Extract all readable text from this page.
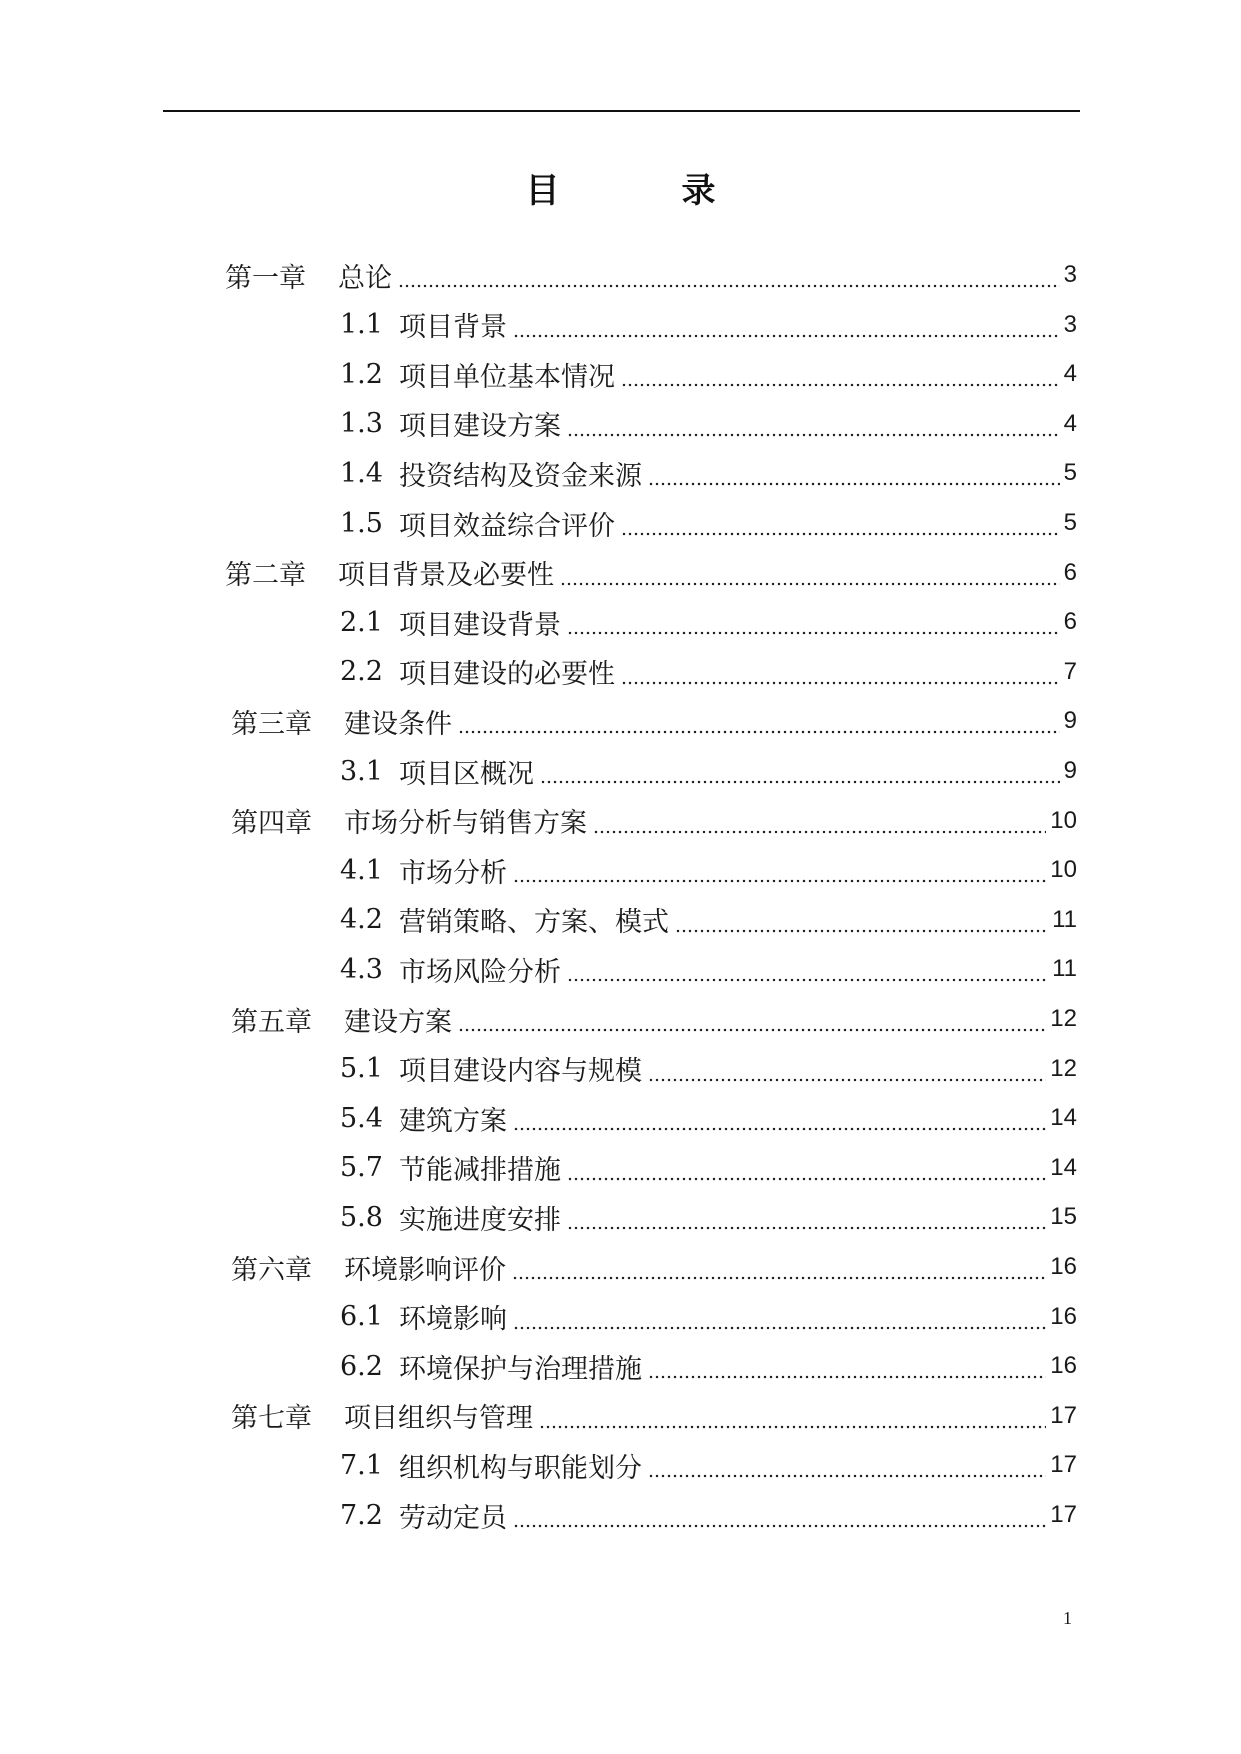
目　录
第一章 总论	3
1.1 项目背景	3
1.2 项目单位基本情况	4
1.3 项目建设方案	4
1.4 投资结构及资金来源	5
1.5 项目效益综合评价	5
第二章 项目背景及必要性	6
2.1 项目建设背景	6
2.2 项目建设的必要性	7
第三章 建设条件	9
3.1 项目区概况	9
第四章 市场分析与销售方案	10
4.1 市场分析	10
4.2 营销策略、方案、模式	11
4.3 市场风险分析	11
第五章 建设方案	12
5.1 项目建设内容与规模	12
5.4 建筑方案	14
5.7 节能减排措施	14
5.8 实施进度安排	15
第六章 环境影响评价	16
6.1 环境影响	16
6.2 环境保护与治理措施	16
第七章 项目组织与管理	17
7.1 组织机构与职能划分	17
7.2 劳动定员	17
1
